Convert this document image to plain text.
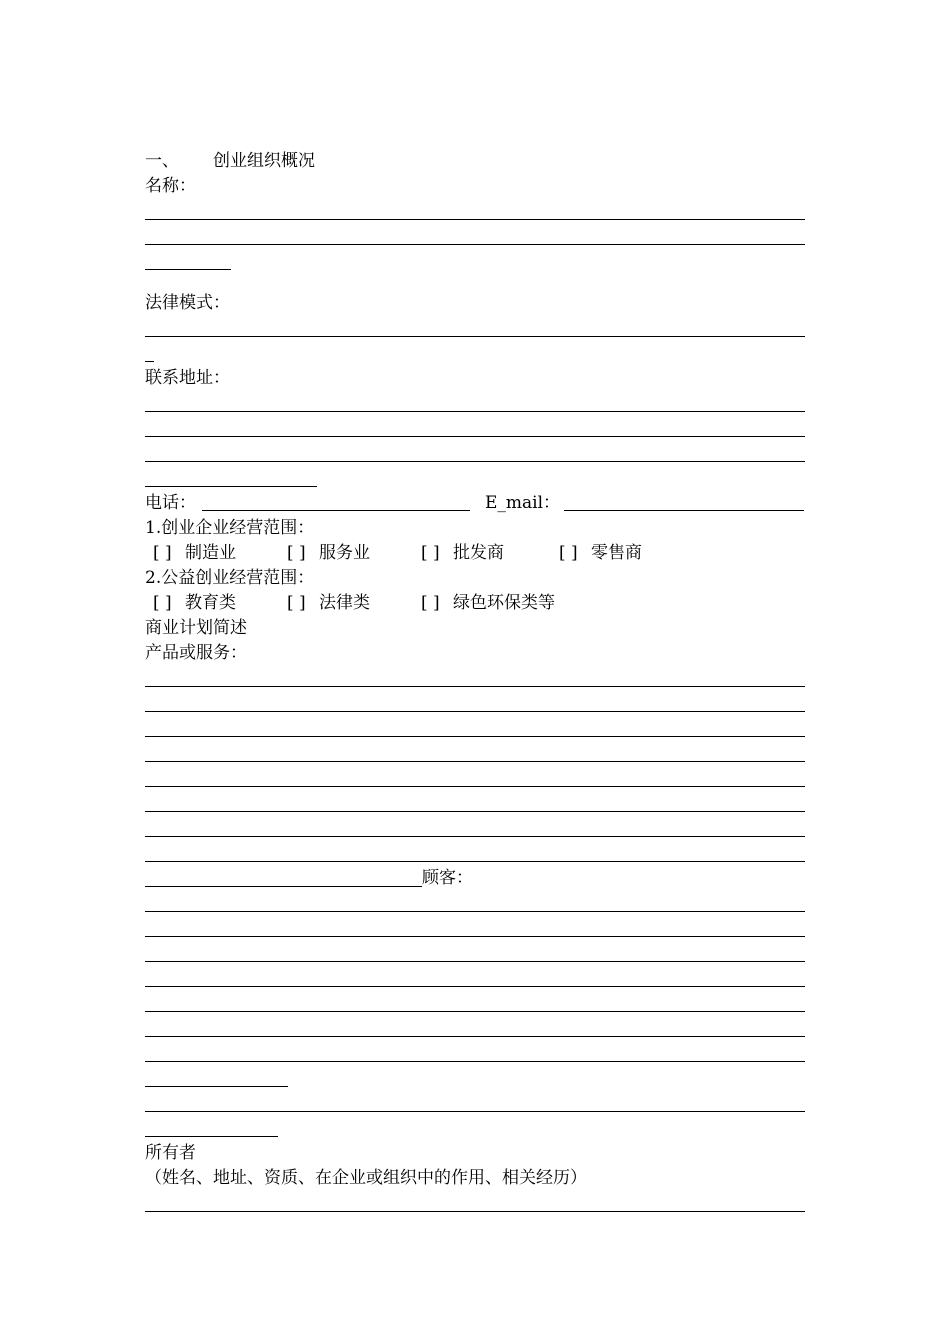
一、 创业组织概况
名称：
法律模式：
联系地址：
电话：	E_mail：
1.创业企业经营范围：
[ ] 制造业	[ ] 服务业	[ ] 批发商	[ ] 零售商
2.公益创业经营范围：
[ ] 教育类	[ ] 法律类	[ ] 绿色环保类等
商业计划简述
产品或服务：
顾客：
所有者
（姓名、地址、资质、在企业或组织中的作用、相关经历）
